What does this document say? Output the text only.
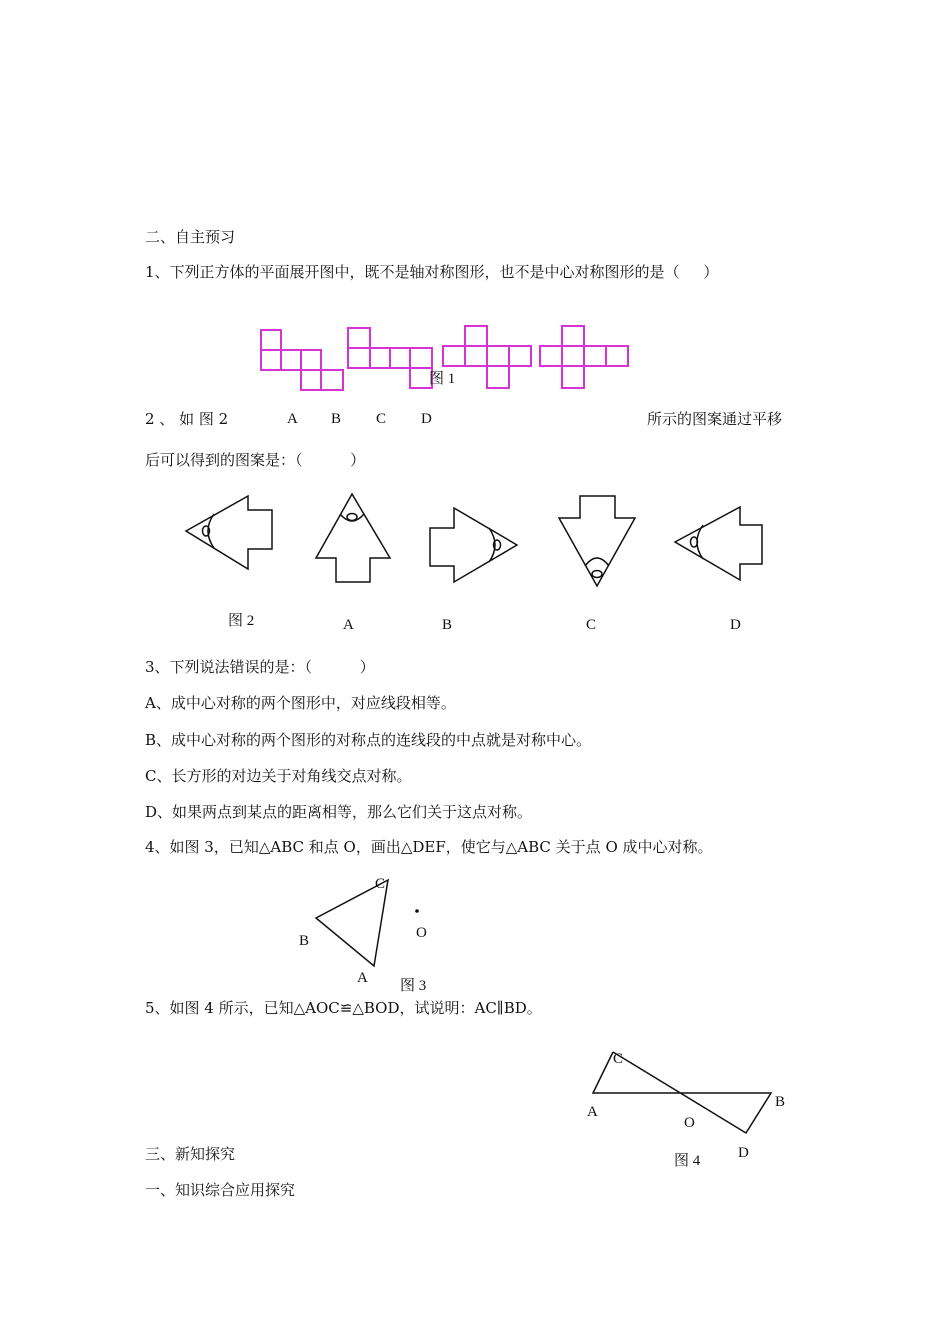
二、自主预习
1、下列正方体的平面展开图中，既不是轴对称图形，也不是中心对称图形的是（     ）
图 1
2 、 如 图 2	A B C D	所示的图案通过平移
后可以得到的图案是：（          ）
图 2	A	B	C	D
3、下列说法错误的是：（          ）
A、成中心对称的两个图形中，对应线段相等。
B、成中心对称的两个图形的对称点的连线段的中点就是对称中心。
C、长方形的对边关于对角线交点对称。
D、如果两点到某点的距离相等，那么它们关于这点对称。
4、如图 3，已知△ABC 和点 O，画出△DEF，使它与△ABC 关于点 O 成中心对称。
C
B	O
A 图 3
5、如图 4 所示，已知△AOC≌△BOD，试说明：AC∥BD。
C
A
O
B
D
图 4
三、新知探究
一、知识综合应用探究
